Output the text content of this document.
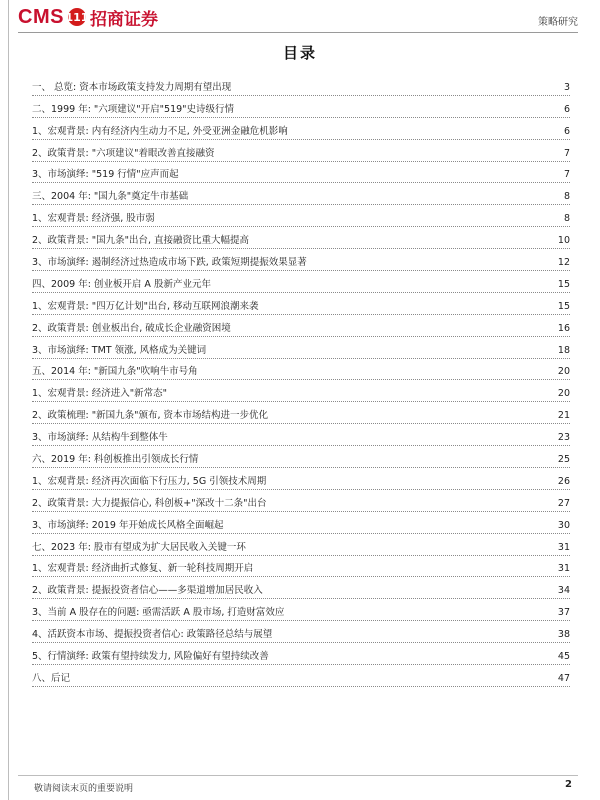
CMS 111 招商证券	策略研究
目录
一、 总览: 资本市场政策支持发力周期有望出现	3
二、1999 年: "六项建议"开启"519"史诗级行情	6
1、宏观背景: 内有经济内生动力不足, 外受亚洲金融危机影响	6
2、政策背景: "六项建议"着眼改善直接融资	7
3、市场演绎: "519 行情"应声而起	7
三、2004 年: "国九条"奠定牛市基础	8
1、宏观背景: 经济强, 股市弱	8
2、政策背景: "国九条"出台, 直接融资比重大幅提高	10
3、市场演绎: 遏制经济过热造成市场下跌, 政策短期提振效果显著	12
四、2009 年: 创业板开启 A 股新产业元年	15
1、宏观背景: "四万亿计划"出台, 移动互联网浪潮来袭	15
2、政策背景: 创业板出台, 破成长企业融资困境	16
3、市场演绎: TMT 领涨, 风格成为关键词	18
五、2014 年: "新国九条"吹响牛市号角	20
1、宏观背景: 经济进入"新常态"	20
2、政策梳理: "新国九条"颁布, 资本市场结构进一步优化	21
3、市场演绎: 从结构牛到整体牛	23
六、2019 年: 科创板推出引领成长行情	25
1、宏观背景: 经济再次面临下行压力, 5G 引领技术周期	26
2、政策背景: 大力提振信心, 科创板+"深改十二条"出台	27
3、市场演绎: 2019 年开始成长风格全面崛起	30
七、2023 年: 股市有望成为扩大居民收入关键一环	31
1、宏观背景: 经济曲折式修复、新一轮科技周期开启	31
2、政策背景: 提振投资者信心——多渠道增加居民收入	34
3、当前 A 股存在的问题: 亟需活跃 A 股市场, 打造财富效应	37
4、活跃资本市场、提振投资者信心: 政策路径总结与展望	38
5、行情演绎: 政策有望持续发力, 风险偏好有望持续改善	45
八、后记	47
敬请阅读末页的重要说明	2
